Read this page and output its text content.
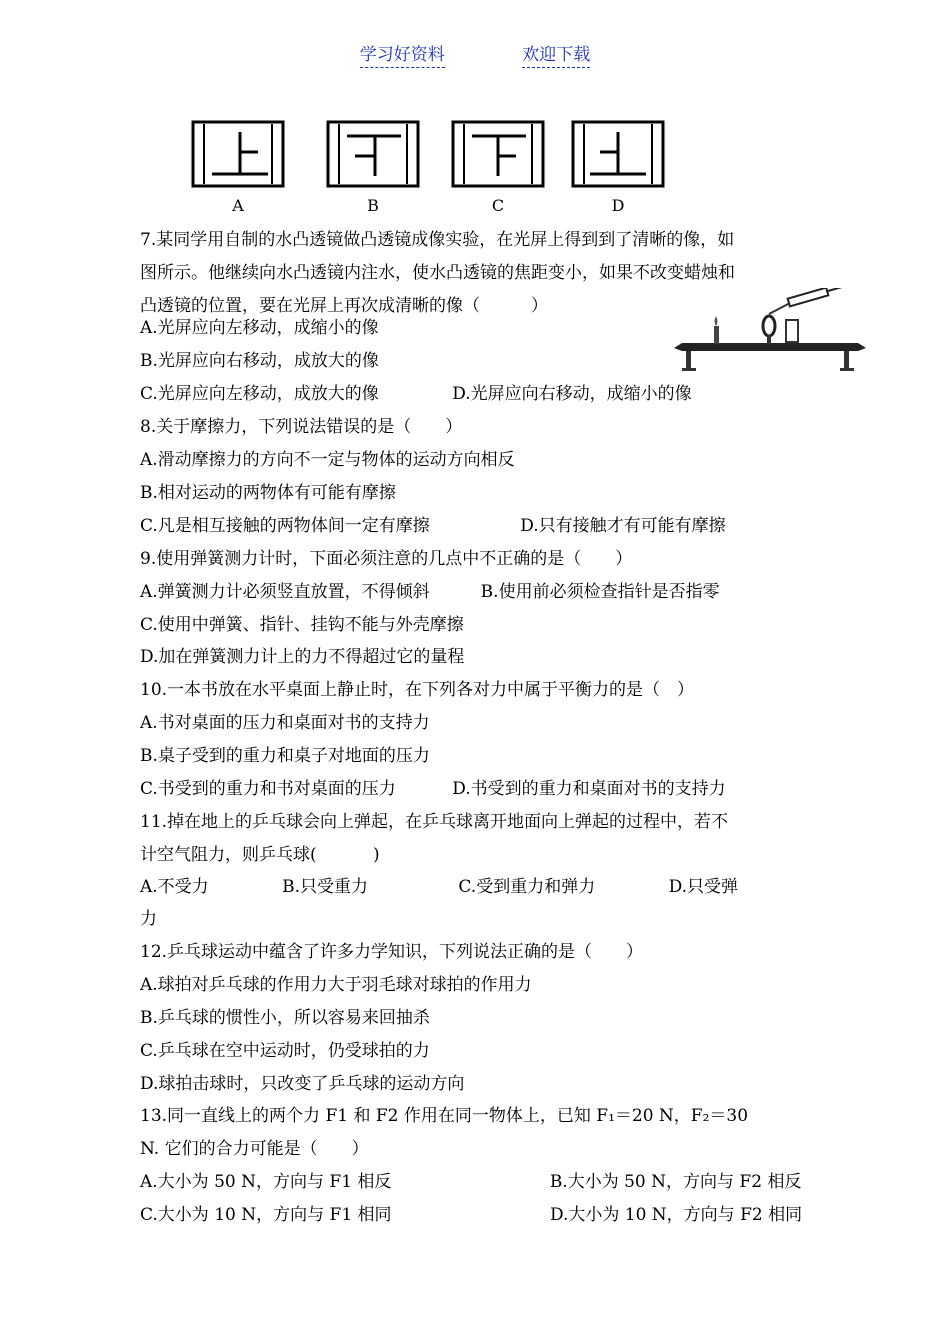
学习好资料	欢迎下载
A	B	C	D
7.某同学用自制的水凸透镜做凸透镜成像实验，在光屏上得到到了清晰的像，如
图所示。他继续向水凸透镜内注水，使水凸透镜的焦距变小，如果不改变蜡烛和
凸透镜的位置，要在光屏上再次成清晰的像（　　　）
A.光屏应向左移动，成缩小的像
B.光屏应向右移动，成放大的像
C.光屏应向左移动，成放大的像　　　　 D.光屏应向右移动，成缩小的像
8.关于摩擦力，下列说法错误的是（　　）
A.滑动摩擦力的方向不一定与物体的运动方向相反
B.相对运动的两物体有可能有摩擦
C.凡是相互接触的两物体间一定有摩擦　　　　　 D.只有接触才有可能有摩擦
9.使用弹簧测力计时，下面必须注意的几点中不正确的是（　　）
A.弹簧测力计必须竖直放置，不得倾斜　　　B.使用前必须检查指针是否指零
C.使用中弹簧、指针、挂钩不能与外壳摩擦
D.加在弹簧测力计上的力不得超过它的量程
10.一本书放在水平桌面上静止时，在下列各对力中属于平衡力的是（　）
A.书对桌面的压力和桌面对书的支持力
B.桌子受到的重力和桌子对地面的压力
C.书受到的重力和书对桌面的压力　　　 D.书受到的重力和桌面对书的支持力
11.掉在地上的乒乓球会向上弹起，在乒乓球离开地面向上弹起的过程中，若不
计空气阻力，则乒乓球(　　　 )
A.不受力　　　　 B.只受重力　　　　　 C.受到重力和弹力　　　　 D.只受弹
力
12.乒乓球运动中蕴含了许多力学知识，下列说法正确的是（　　）
A.球拍对乒乓球的作用力大于羽毛球对球拍的作用力
B.乒乓球的惯性小，所以容易来回抽杀
C.乒乓球在空中运动时，仍受球拍的力
D.球拍击球时，只改变了乒乓球的运动方向
13.同一直线上的两个力 F1 和 F2 作用在同一物体上，已知 F₁＝20 N，F₂＝30
N. 它们的合力可能是（　　）
A.大小为 50 N，方向与 F1 相反　　　　　　　　　 B.大小为 50 N，方向与 F2 相反
C.大小为 10 N，方向与 F1 相同　　　　　　　　　 D.大小为 10 N，方向与 F2 相同
